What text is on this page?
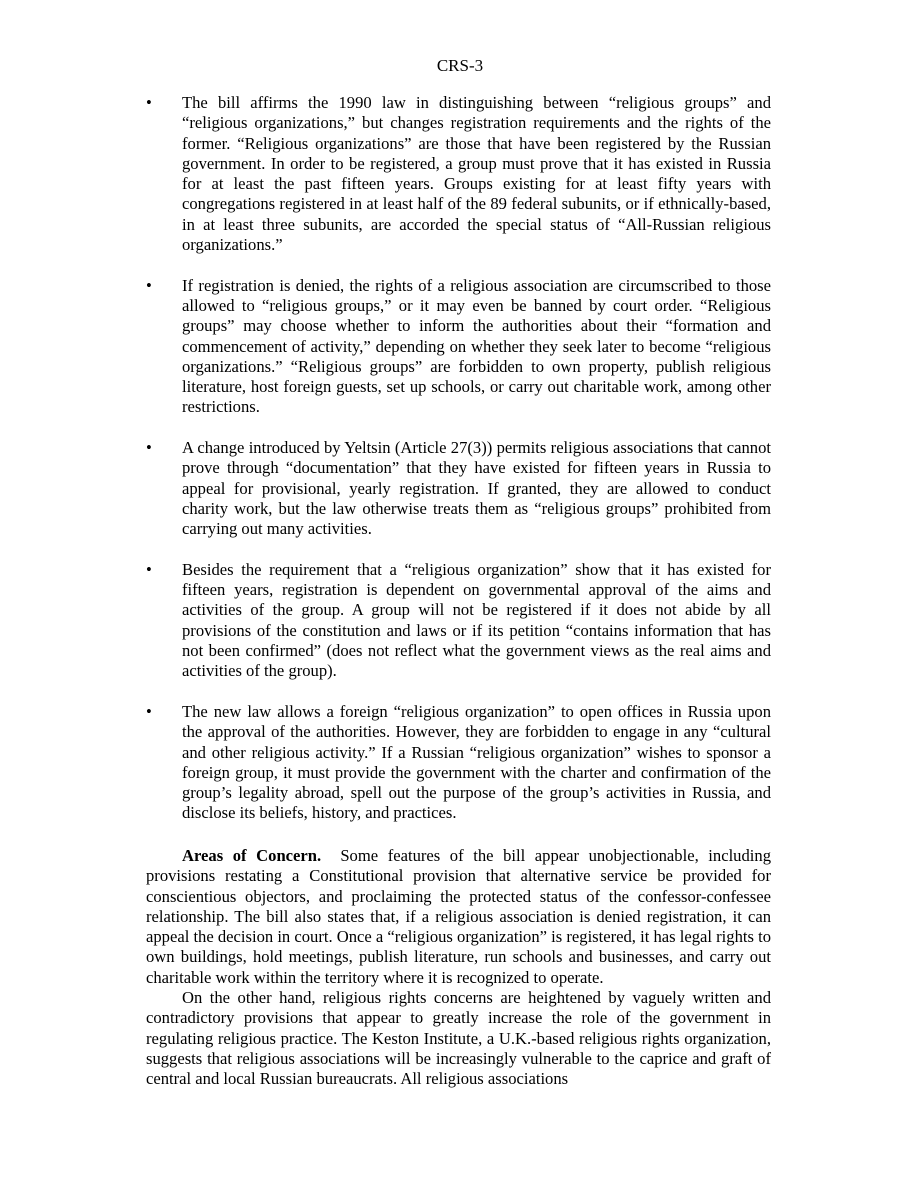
CRS-3
•	The bill affirms the 1990 law in distinguishing between “religious groups” and “religious organizations,” but changes registration requirements and the rights of the former. “Religious organizations” are those that have been registered by the Russian government. In order to be registered, a group must prove that it has existed in Russia for at least the past fifteen years. Groups existing for at least fifty years with congregations registered in at least half of the 89 federal subunits, or if ethnically-based, in at least three subunits, are accorded the special status of “All-Russian religious organizations.”
•	If registration is denied, the rights of a religious association are circumscribed to those allowed to “religious groups,” or it may even be banned by court order. “Religious groups” may choose whether to inform the authorities about their “formation and commencement of activity,” depending on whether they seek later to become “religious organizations.” “Religious groups” are forbidden to own property, publish religious literature, host foreign guests, set up schools, or carry out charitable work, among other restrictions.
•	A change introduced by Yeltsin (Article 27(3)) permits religious associations that cannot prove through “documentation” that they have existed for fifteen years in Russia to appeal for provisional, yearly registration. If granted, they are allowed to conduct charity work, but the law otherwise treats them as “religious groups” prohibited from carrying out many activities.
•	Besides the requirement that a “religious organization” show that it has existed for fifteen years, registration is dependent on governmental approval of the aims and activities of the group. A group will not be registered if it does not abide by all provisions of the constitution and laws or if its petition “contains information that has not been confirmed” (does not reflect what the government views as the real aims and activities of the group).
•	The new law allows a foreign “religious organization” to open offices in Russia upon the approval of the authorities. However, they are forbidden to engage in any “cultural and other religious activity.” If a Russian “religious organization” wishes to sponsor a foreign group, it must provide the government with the charter and confirmation of the group’s legality abroad, spell out the purpose of the group’s activities in Russia, and disclose its beliefs, history, and practices.

Areas of Concern. Some features of the bill appear unobjectionable, including provisions restating a Constitutional provision that alternative service be provided for conscientious objectors, and proclaiming the protected status of the confessor-confessee relationship. The bill also states that, if a religious association is denied registration, it can appeal the decision in court. Once a “religious organization” is registered, it has legal rights to own buildings, hold meetings, publish literature, run schools and businesses, and carry out charitable work within the territory where it is recognized to operate.

On the other hand, religious rights concerns are heightened by vaguely written and contradictory provisions that appear to greatly increase the role of the government in regulating religious practice. The Keston Institute, a U.K.-based religious rights organization, suggests that religious associations will be increasingly vulnerable to the caprice and graft of central and local Russian bureaucrats. All religious associations
